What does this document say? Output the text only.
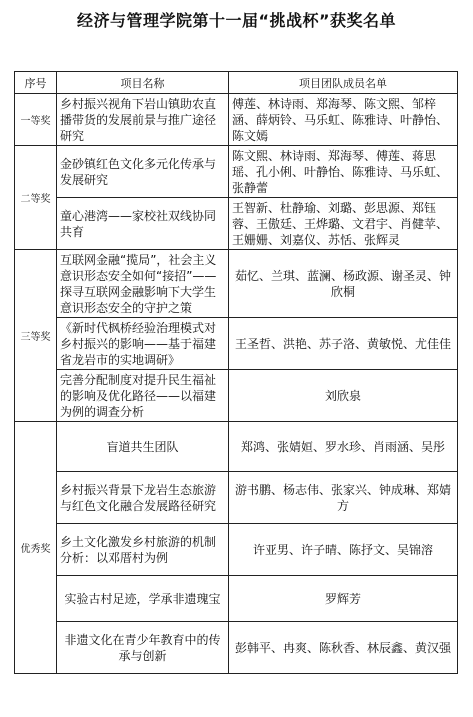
经济与管理学院第十一届“挑战杯”获奖名单
序号	项目名称	项目团队成员名单
一等奖	乡村振兴视角下岩山镇助农直播带货的发展前景与推广途径研究	傅莲、林诗雨、郑海琴、陈文熙、邹梓涵、薛炳铃、马乐虹、陈雅诗、叶静怡、陈文嫣
二等奖	金砂镇红色文化多元化传承与发展研究	陈文熙、林诗雨、郑海琴、傅莲、蒋思瑶、孔小俐、叶静怡、陈雅诗、马乐虹、张静蕾
	童心港湾——家校社双线协同共育	王智新、杜静瑜、刘璐、彭思源、郑钰蓉、王傲廷、王烨璐、文君宇、肖健苹、王姗姗、刘嘉仪、苏恬、张辉灵
三等奖	互联网金融“揽局”，社会主义意识形态安全如何“接招”——探寻互联网金融影响下大学生意识形态安全的守护之策	茹忆、兰琪、蓝澜、杨政源、谢圣灵、钟欣桐
	《新时代枫桥经验治理模式对乡村振兴的影响——基于福建省龙岩市的实地调研》	王圣哲、洪艳、苏子洛、黄敏悦、尤佳佳
	完善分配制度对提升民生福祉的影响及优化路径——以福建为例的调查分析	刘欣泉
优秀奖	盲道共生团队	郑鸿、张婧姮、罗水珍、肖雨涵、吴彤
	乡村振兴背景下龙岩生态旅游与红色文化融合发展路径研究	游书鹏、杨志伟、张家兴、钟成琳、郑婧方
	乡土文化激发乡村旅游的机制分析：以邓厝村为例	许亚男、许子晴、陈抒文、吴锦溶
	实验古村足迹，学承非遗瑰宝	罗辉芳
	非遗文化在青少年教育中的传承与创新	彭韩平、冉爽、陈秋香、林辰鑫、黄汉强
